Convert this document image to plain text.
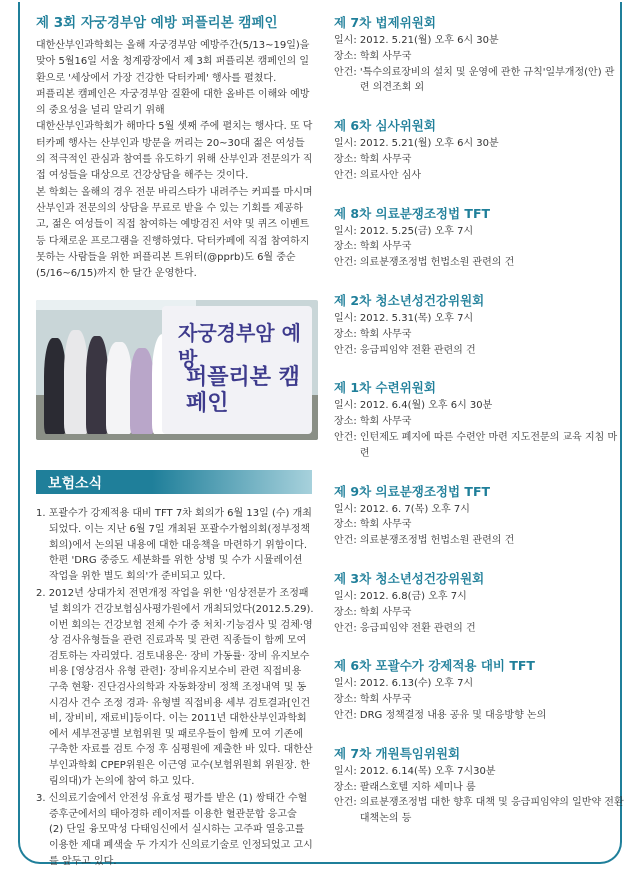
제 3회 자궁경부암 예방 퍼플리본 캠페인

대한산부인과학회는 올해 자궁경부암 예방주간(5/13~19일)을 맞아 5월16일 서울 청계광장에서 제 3회 퍼플리본 캠페인의 일환으로 '세상에서 가장 건강한 닥터카페' 행사를 펼쳤다.

퍼플리본 캠페인은 자궁경부암 질환에 대한 올바른 이해와 예방의 중요성을 널리 알리기 위해

대한산부인과학회가 해마다 5월 셋째 주에 펼치는 행사다. 또 닥터카페 행사는 산부인과 방문을 꺼리는 20~30대 젊은 여성들의 적극적인 관심과 참여를 유도하기 위해 산부인과 전문의가 직접 여성들을 대상으로 건강상담을 해주는 것이다.

본 학회는 올해의 경우 전문 바리스타가 내려주는 커피를 마시며 산부인과 전문의의 상담을 무료로 받을 수 있는 기회를 제공하고, 젊은 여성들이 직접 참여하는 예방검진 서약 및 퀴즈 이벤트 등 다채로운 프로그램을 진행하였다. 닥터카페에 직접 참여하지 못하는 사람들을 위한 퍼플리본 트위터(@pprb)도 6월 중순(5/16~6/15)까지 한 달간 운영한다.

자궁경부암 예방
퍼플리본 캠페인
보험소식
1. 포괄수가 강제적용 대비 TFT 7차 회의가 6월 13일 (수) 개최되었다. 이는 지난 6월 7일 개최된 포괄수가협의회(정부정책회의)에서 논의된 내용에 대한 대응책을 마련하기 위함이다. 한편 'DRG 중증도 세분화를 위한 상병 및 수가 시뮬레이션 작업을 위한 별도 회의'가 준비되고 있다.
2. 2012년 상대가치 전면개정 작업을 위한 '임상전문가 조정패널 회의가 건강보험심사평가원에서 개최되었다(2012.5.29). 이번 회의는 건강보험 전체 수가 중 처치·기능검사 및 검체·영상 검사유형들을 관련 진료과목 및 관련 직종들이 함께 모여 검토하는 자리였다. 검토내용은· 장비 가동률· 장비 유지보수비용 [영상검사 유형 관련]· 장비유지보수비 관련 직접비용 구축 현황· 진단검사의학과 자동화장비 정책 조정내역 및 동시검사 건수 조정 경과· 유형별 직접비용 세부 검토결과[인건비, 장비비, 재료비]등이다. 이는 2011년 대한산부인과학회에서 세부전공별 보험위원 및 패로우들이 함께 모여 기존에 구축한 자료를 검토 수정 후 심평원에 제출한 바 있다. 대한산부인과학회 CPEP위원은 이근영 교수(보험위원회 위원장. 한림의대)가 논의에 참여 하고 있다.
3. 신의료기술에서 안전성 유효성 평가를 받은 (1) 쌍태간 수혈증후군에서의 태아경하 레이저를 이용한 혈관문합 응고술 (2) 단일 융모막성 다태임신에서 실시하는 고주파 열응고를 이용한 제대 폐색술 두 가지가 신의료기술로 인정되었고 고시를 앞두고 있다.
제 7차 법제위원회
일시: 2012. 5.21(월) 오후 6시 30분
장소: 학회 사무국
안건: '특수의료장비의 설치 및 운영에 관한 규칙'일부개정(안) 관련 의견조회 외
제 6차 심사위원회
일시: 2012. 5.21(월) 오후 6시 30분
장소: 학회 사무국
안건: 의료사안 심사
제 8차 의료분쟁조정법 TFT
일시: 2012. 5.25(금) 오후 7시
장소: 학회 사무국
안건: 의료분쟁조정법 헌법소원 관련의 건
제 2차 청소년성건강위원회
일시: 2012. 5.31(목) 오후 7시
장소: 학회 사무국
안건: 응급피임약 전환 관련의 건
제 1차 수련위원회
일시: 2012. 6.4(월) 오후 6시 30분
장소: 학회 사무국
안건: 인턴제도 폐지에 따른 수련안 마련 지도전문의 교육 지침 마련
제 9차 의료분쟁조정법 TFT
일시: 2012. 6. 7(목) 오후 7시
장소: 학회 사무국
안건: 의료분쟁조정법 헌법소원 관련의 건
제 3차 청소년성건강위원회
일시: 2012. 6.8(금) 오후 7시
장소: 학회 사무국
안건: 응급피임약 전환 관련의 건
제 6차 포괄수가 강제적용 대비 TFT
일시: 2012. 6.13(수) 오후 7시
장소: 학회 사무국
안건: DRG 정책결정 내용 공유 및 대응방향 논의
제 7차 개원특임위원회
일시: 2012. 6.14(목) 오후 7시30분
장소: 팔래스호텔 지하 세미나 룸
안건: 의료분쟁조정법 대한 향후 대책 및 응급피임약의 일반약 전환 대책논의 등
